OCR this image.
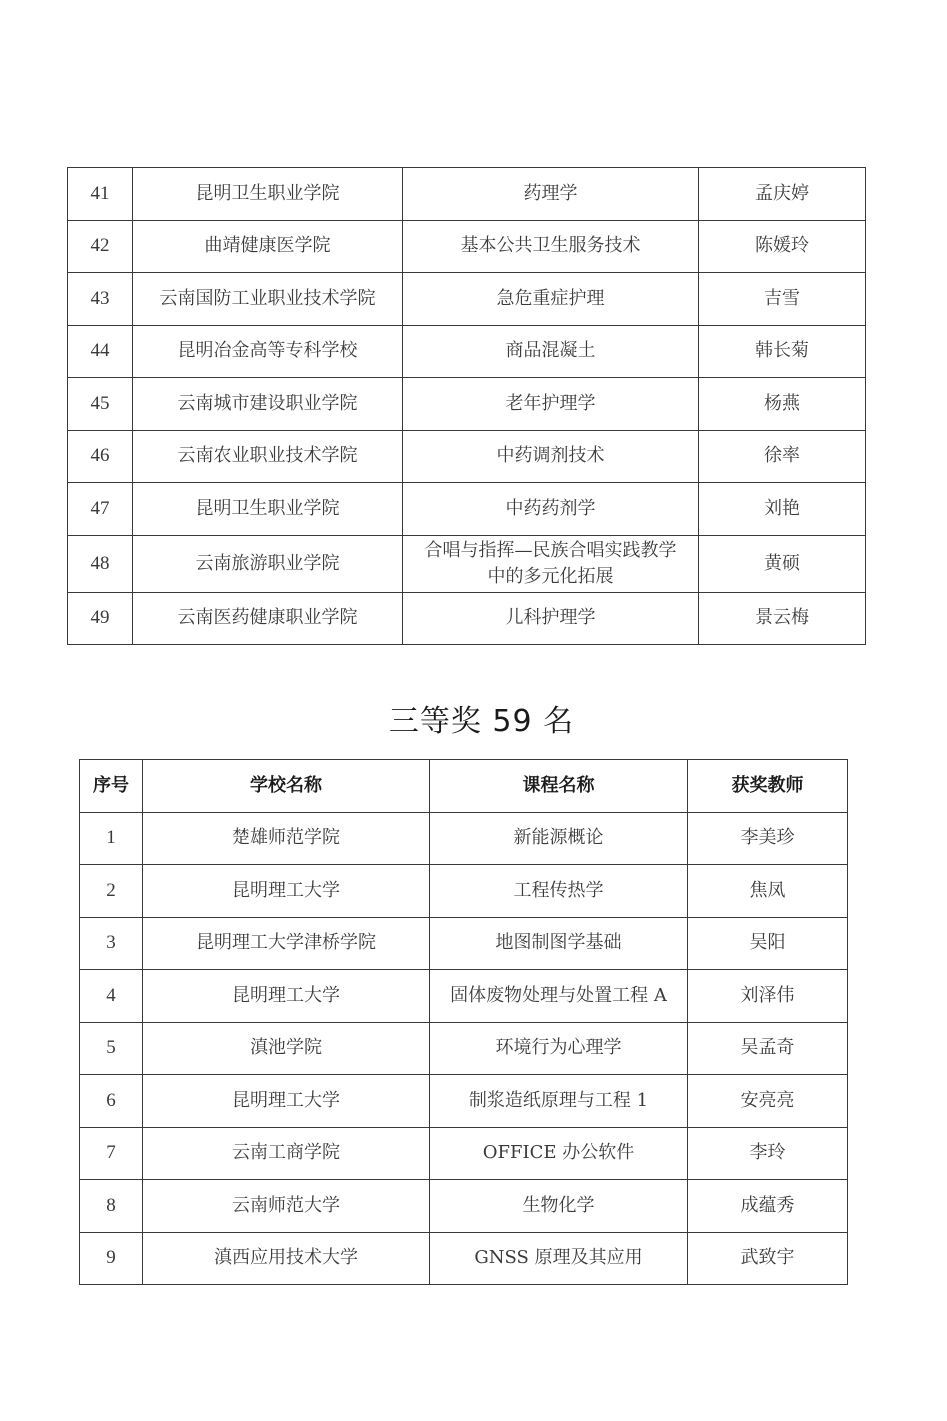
41	昆明卫生职业学院	药理学	孟庆婷
42	曲靖健康医学院	基本公共卫生服务技术	陈媛玲
43	云南国防工业职业技术学院	急危重症护理	吉雪
44	昆明冶金高等专科学校	商品混凝土	韩长菊
45	云南城市建设职业学院	老年护理学	杨燕
46	云南农业职业技术学院	中药调剂技术	徐率
47	昆明卫生职业学院	中药药剂学	刘艳
48	云南旅游职业学院	合唱与指挥—民族合唱实践教学中的多元化拓展	黄硕
49	云南医药健康职业学院	儿科护理学	景云梅
三等奖 59 名
序号	学校名称	课程名称	获奖教师
1	楚雄师范学院	新能源概论	李美珍
2	昆明理工大学	工程传热学	焦凤
3	昆明理工大学津桥学院	地图制图学基础	吴阳
4	昆明理工大学	固体废物处理与处置工程 A	刘泽伟
5	滇池学院	环境行为心理学	吴孟奇
6	昆明理工大学	制浆造纸原理与工程 1	安亮亮
7	云南工商学院	OFFICE 办公软件	李玲
8	云南师范大学	生物化学	成蕴秀
9	滇西应用技术大学	GNSS 原理及其应用	武致宇
